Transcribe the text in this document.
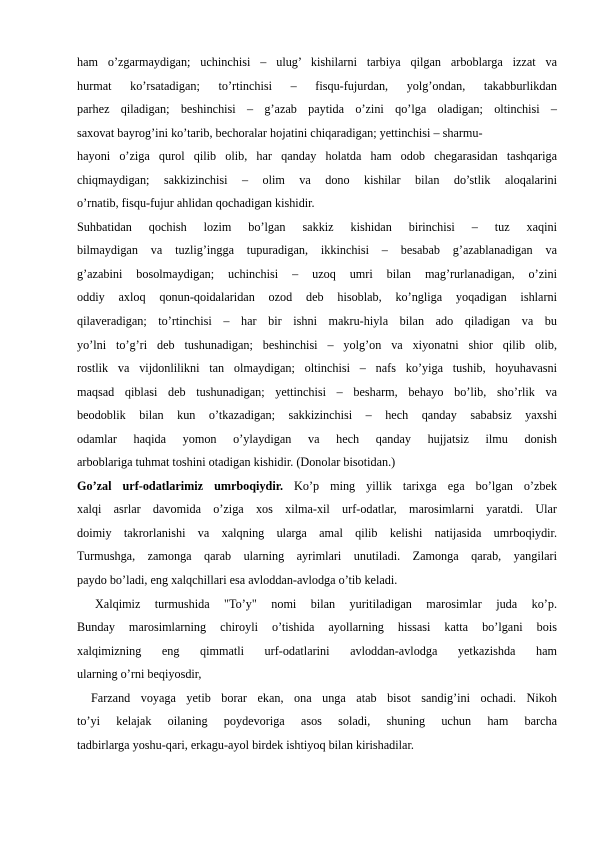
ham o’zgarmaydigan; uchinchisi – ulug’ kishilarni tarbiya qilgan arboblarga izzat va
hurmat ko’rsatadigan; to’rtinchisi – fisqu-fujurdan, yolg’ondan, takabburlikdan
parhez qiladigan; beshinchisi – g’azab paytida o’zini qo’lga oladigan; oltinchisi –
saxovat bayrog’ini ko’tarib, bechoralar hojatini chiqaradigan; yettinchisi – sharmu-
hayoni o’ziga qurol qilib olib, har qanday holatda ham odob chegarasidan tashqariga
chiqmaydigan; sakkizinchisi – olim va dono kishilar bilan do’stlik aloqalarini
o’rnatib, fisqu-fujur ahlidan qochadigan kishidir.
Suhbatidan qochish lozim bo’lgan sakkiz kishidan birinchisi – tuz xaqini
bilmaydigan va tuzlig’ingga tupuradigan, ikkinchisi – besabab g’azablanadigan va
g’azabini bosolmaydigan; uchinchisi – uzoq umri bilan mag’rurlanadigan, o’zini
oddiy axloq qonun-qoidalaridan ozod deb hisoblab, ko’ngliga yoqadigan ishlarni
qilaveradigan; to’rtinchisi – har bir ishni makru-hiyla bilan ado qiladigan va bu
yo’lni to’g’ri deb tushunadigan; beshinchisi – yolg’on va xiyonatni shior qilib olib,
rostlik va vijdonlilikni tan olmaydigan; oltinchisi – nafs ko’yiga tushib, hoyuhavasni
maqsad qiblasi deb tushunadigan; yettinchisi – besharm, behayo bo’lib, sho’rlik va
beodoblik bilan kun o’tkazadigan; sakkizinchisi – hech qanday sababsiz yaxshi
odamlar haqida yomon o’ylaydigan va hech qanday hujjatsiz ilmu donish
arboblariga tuhmat toshini otadigan kishidir. (Donolar bisotidan.)
Go’zal urf-odatlarimiz umrboqiydir. Ko’p ming yillik tarixga ega bo’lgan o’zbek
xalqi asrlar davomida o’ziga xos xilma-xil urf-odatlar, marosimlarni yaratdi. Ular
doimiy takrorlanishi va xalqning ularga amal qilib kelishi natijasida umrboqiydir.
Turmushga, zamonga qarab ularning ayrimlari unutiladi. Zamonga qarab, yangilari
paydo bo’ladi, eng xalqchillari esa avloddan-avlodga o’tib keladi.
Xalqimiz turmushida "To’y" nomi bilan yuritiladigan marosimlar juda ko’p.
Bunday marosimlarning chiroyli o’tishida ayollarning hissasi katta bo’lgani bois
xalqimizning eng qimmatli urf-odatlarini avloddan-avlodga yetkazishda ham
ularning o’rni beqiyosdir,
Farzand voyaga yetib borar ekan, ona unga atab bisot sandig’ini ochadi. Nikoh
to’yi kelajak oilaning poydevoriga asos soladi, shuning uchun ham barcha
tadbirlarga yoshu-qari, erkagu-ayol birdek ishtiyoq bilan kirishadilar.
